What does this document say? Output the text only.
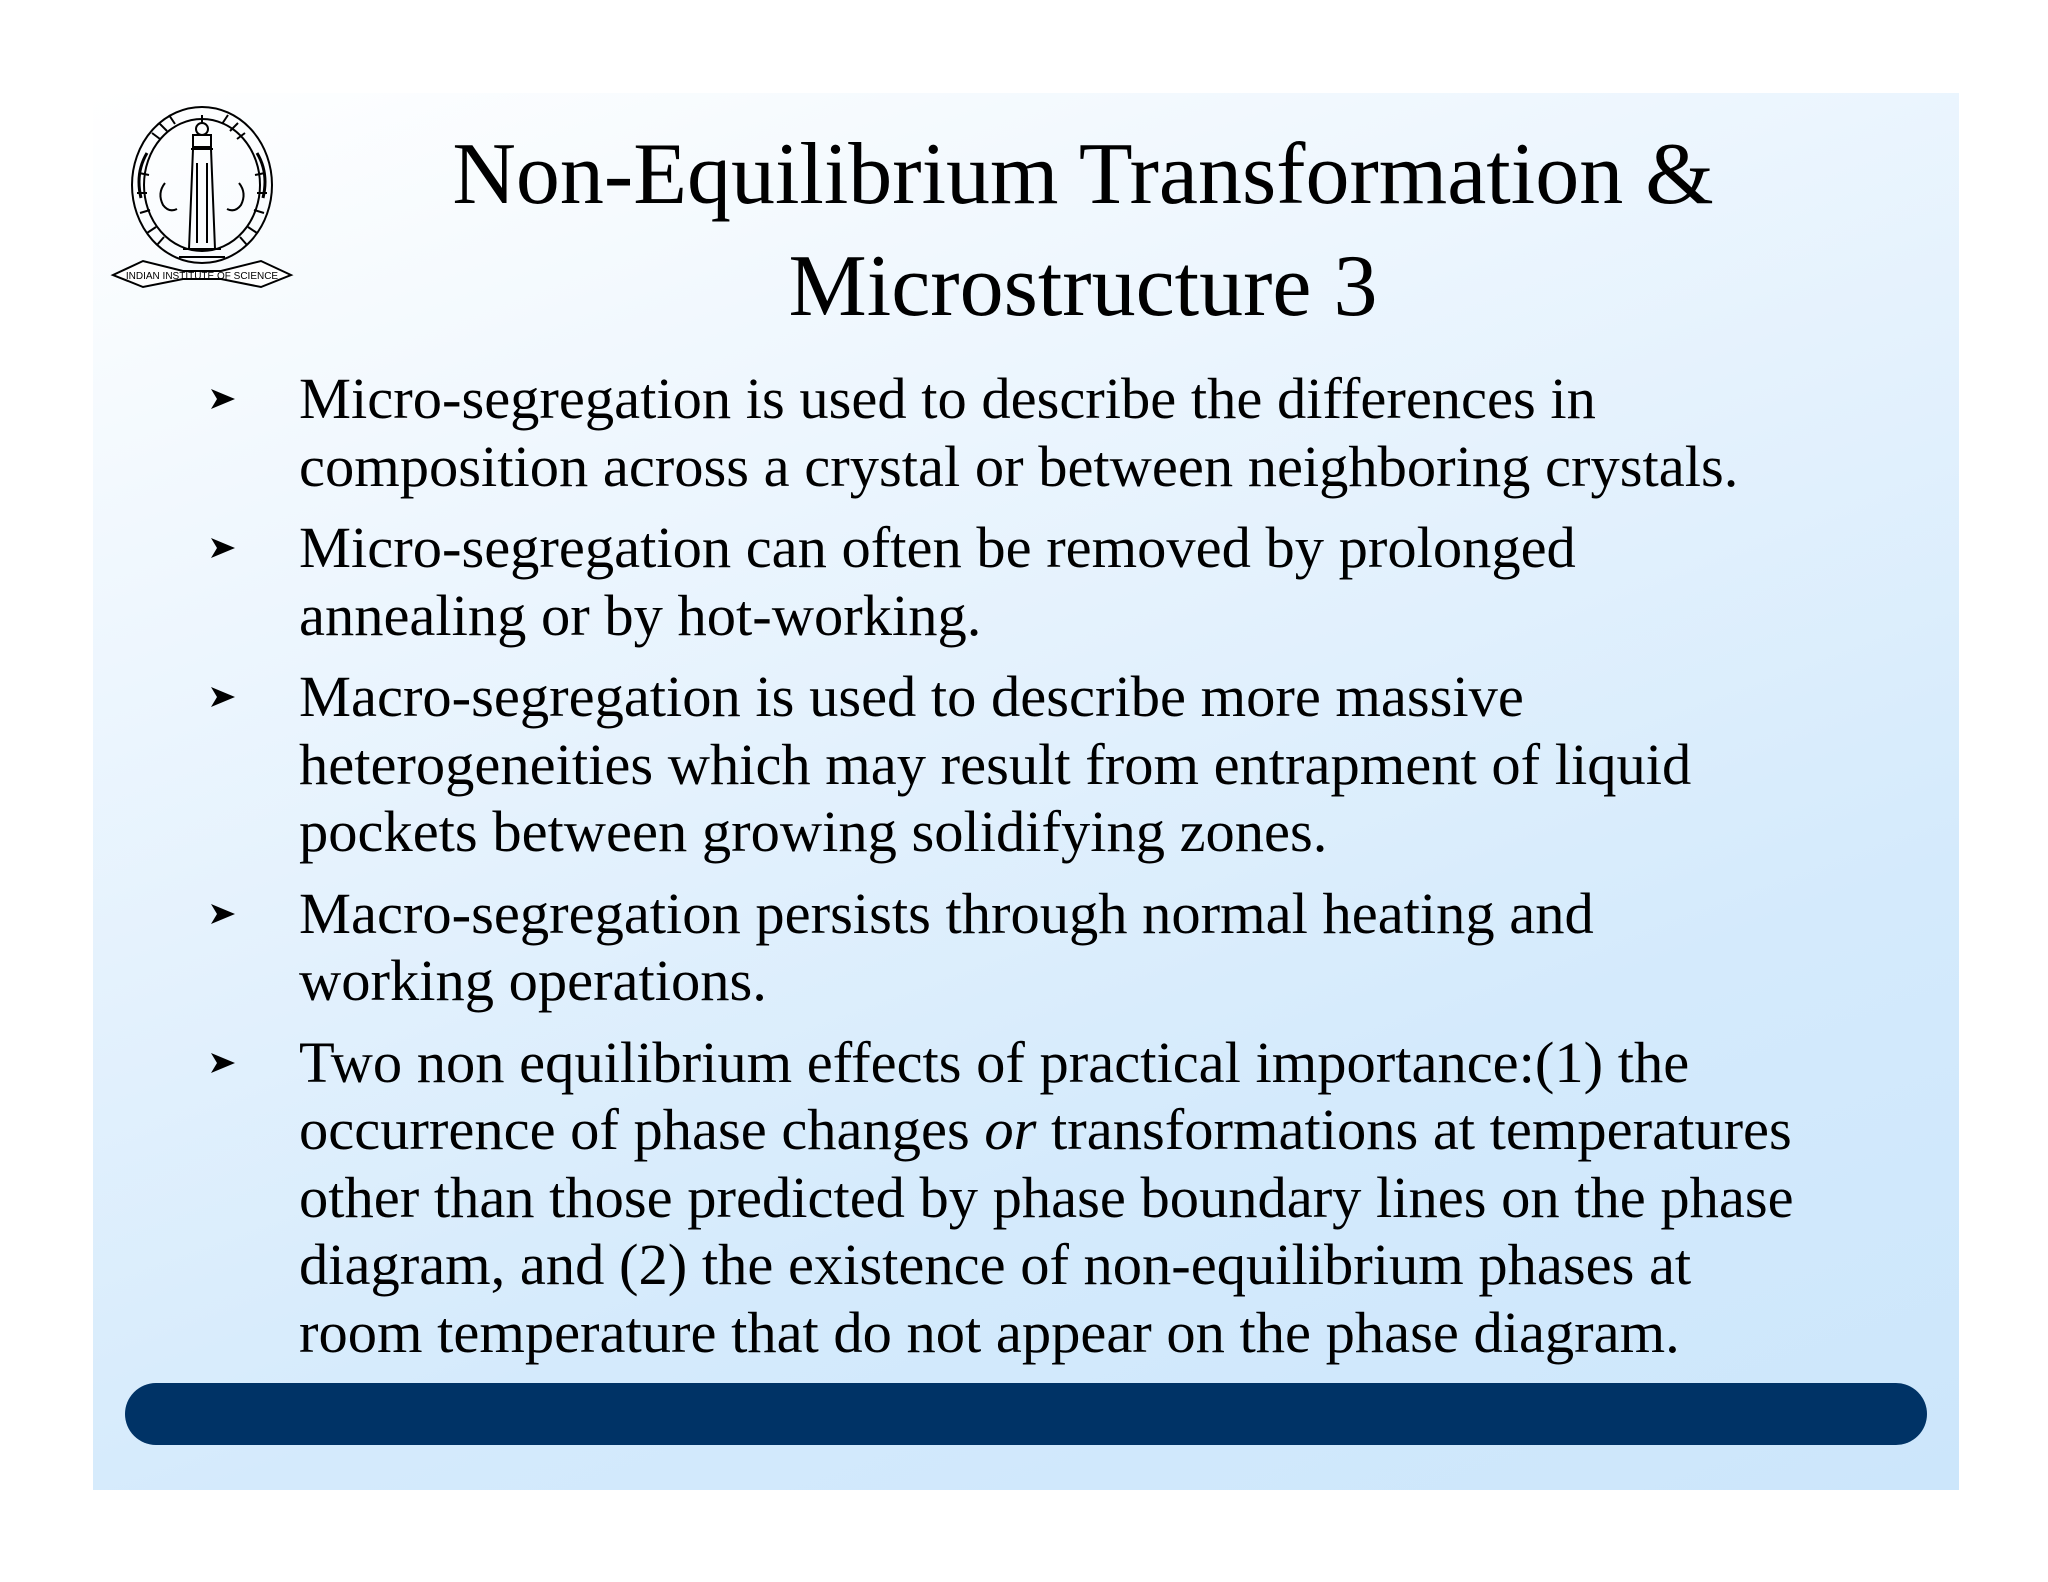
INDIAN INSTITUTE OF SCIENCE
Non-Equilibrium Transformation &
Microstructure 3
Micro-segregation is used to describe the differences in
composition across a crystal or between neighboring crystals.
Micro-segregation can often be removed by prolonged
annealing or by hot-working.
Macro-segregation is used to describe more massive
heterogeneities which may result from entrapment of liquid
pockets between growing solidifying zones.
Macro-segregation persists through normal heating and
working operations.
Two non equilibrium effects of practical importance:(1) the
occurrence of phase changes or transformations at temperatures
other than those predicted by phase boundary lines on the phase
diagram, and (2) the existence of non-equilibrium phases at
room temperature that do not appear on the phase diagram.
